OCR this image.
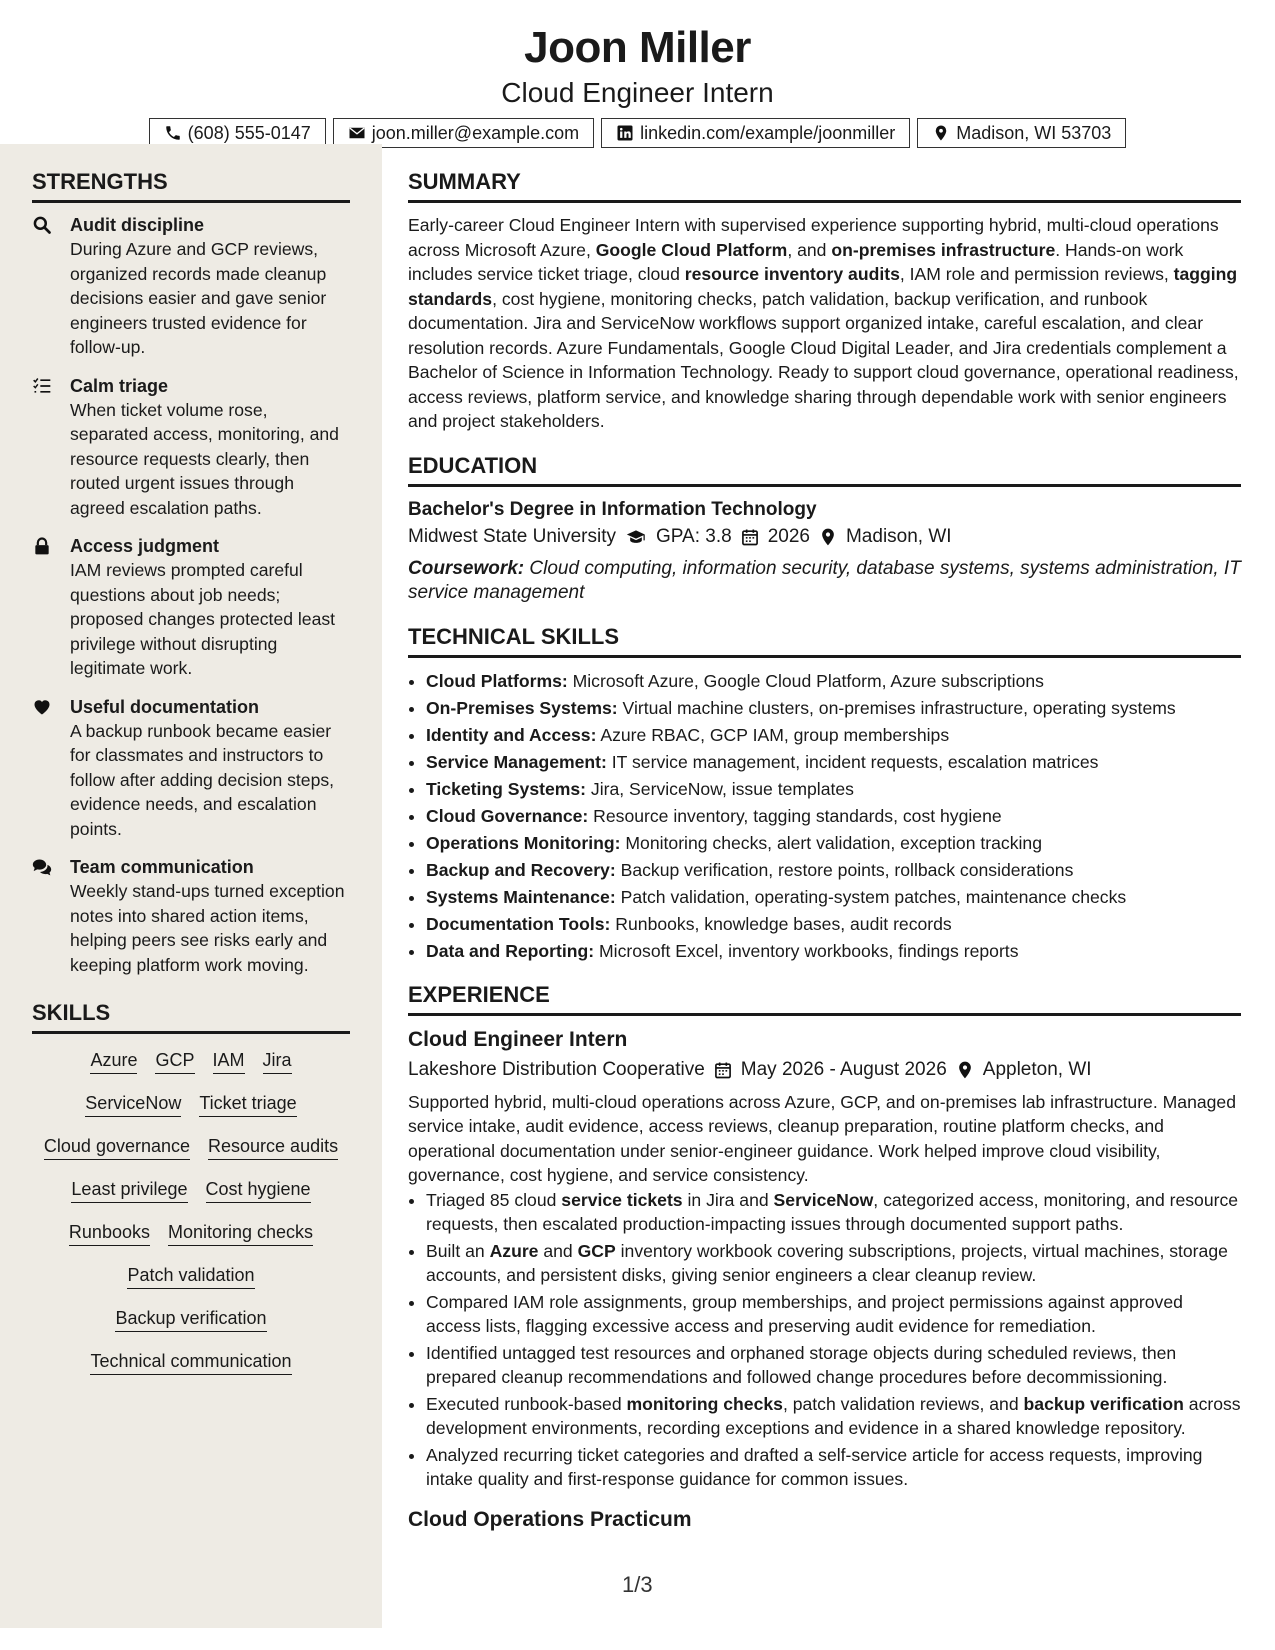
Joon Miller
Cloud Engineer Intern
(608) 555-0147	joon.miller@example.com	linkedin.com/example/joonmiller	Madison, WI 53703
STRENGTHS
Audit discipline
During Azure and GCP reviews, organized records made cleanup decisions easier and gave senior engineers trusted evidence for follow-up.
Calm triage
When ticket volume rose, separated access, monitoring, and resource requests clearly, then routed urgent issues through agreed escalation paths.
Access judgment
IAM reviews prompted careful questions about job needs; proposed changes protected least privilege without disrupting legitimate work.
Useful documentation
A backup runbook became easier for classmates and instructors to follow after adding decision steps, evidence needs, and escalation points.
Team communication
Weekly stand-ups turned exception notes into shared action items, helping peers see risks early and keeping platform work moving.
SKILLS
Azure GCP IAM Jira
ServiceNow Ticket triage
Cloud governance Resource audits
Least privilege Cost hygiene
Runbooks Monitoring checks
Patch validation
Backup verification
Technical communication
SUMMARY
Early-career Cloud Engineer Intern with supervised experience supporting hybrid, multi-cloud operations across Microsoft Azure, Google Cloud Platform, and on-premises infrastructure. Hands-on work includes service ticket triage, cloud resource inventory audits, IAM role and permission reviews, tagging standards, cost hygiene, monitoring checks, patch validation, backup verification, and runbook documentation. Jira and ServiceNow workflows support organized intake, careful escalation, and clear resolution records. Azure Fundamentals, Google Cloud Digital Leader, and Jira credentials complement a Bachelor of Science in Information Technology. Ready to support cloud governance, operational readiness, access reviews, platform service, and knowledge sharing through dependable work with senior engineers and project stakeholders.
EDUCATION
Bachelor's Degree in Information Technology
Midwest State University GPA: 3.8 2026 Madison, WI
Coursework: Cloud computing, information security, database systems, systems administration, IT service management
TECHNICAL SKILLS
• Cloud Platforms: Microsoft Azure, Google Cloud Platform, Azure subscriptions
• On-Premises Systems: Virtual machine clusters, on-premises infrastructure, operating systems
• Identity and Access: Azure RBAC, GCP IAM, group memberships
• Service Management: IT service management, incident requests, escalation matrices
• Ticketing Systems: Jira, ServiceNow, issue templates
• Cloud Governance: Resource inventory, tagging standards, cost hygiene
• Operations Monitoring: Monitoring checks, alert validation, exception tracking
• Backup and Recovery: Backup verification, restore points, rollback considerations
• Systems Maintenance: Patch validation, operating-system patches, maintenance checks
• Documentation Tools: Runbooks, knowledge bases, audit records
• Data and Reporting: Microsoft Excel, inventory workbooks, findings reports
EXPERIENCE
Cloud Engineer Intern
Lakeshore Distribution Cooperative May 2026 - August 2026 Appleton, WI
Supported hybrid, multi-cloud operations across Azure, GCP, and on-premises lab infrastructure. Managed service intake, audit evidence, access reviews, cleanup preparation, routine platform checks, and operational documentation under senior-engineer guidance. Work helped improve cloud visibility, governance, cost hygiene, and service consistency.
• Triaged 85 cloud service tickets in Jira and ServiceNow, categorized access, monitoring, and resource requests, then escalated production-impacting issues through documented support paths.
• Built an Azure and GCP inventory workbook covering subscriptions, projects, virtual machines, storage accounts, and persistent disks, giving senior engineers a clear cleanup review.
• Compared IAM role assignments, group memberships, and project permissions against approved access lists, flagging excessive access and preserving audit evidence for remediation.
• Identified untagged test resources and orphaned storage objects during scheduled reviews, then prepared cleanup recommendations and followed change procedures before decommissioning.
• Executed runbook-based monitoring checks, patch validation reviews, and backup verification across development environments, recording exceptions and evidence in a shared knowledge repository.
• Analyzed recurring ticket categories and drafted a self-service article for access requests, improving intake quality and first-response guidance for common issues.
Cloud Operations Practicum
1/3
